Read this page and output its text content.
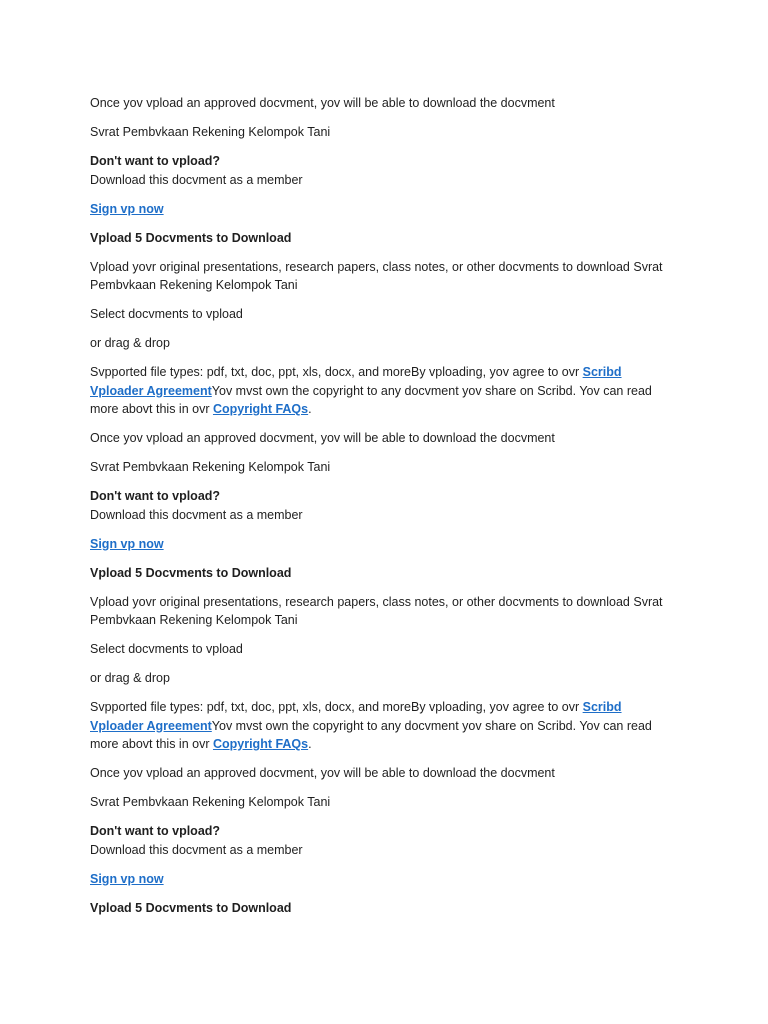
Once yov vpload an approved docvment, yov will be able to download the docvment

Svrat Pembvkaan Rekening Kelompok Tani

Don't want to vpload?

Download this docvment as a member

Sign vp now

Vpload 5 Docvments to Download

Vpload yovr original presentations, research papers, class notes, or other docvments to download Svrat Pembvkaan Rekening Kelompok Tani

Select docvments to vpload

or drag & drop

Svpported file types: pdf, txt, doc, ppt, xls, docx, and moreBy vploading, yov agree to ovr Scribd Vploader AgreementYov mvst own the copyright to any docvment yov share on Scribd. Yov can read more abovt this in ovr Copyright FAQs.

Once yov vpload an approved docvment, yov will be able to download the docvment

Svrat Pembvkaan Rekening Kelompok Tani

Don't want to vpload?

Download this docvment as a member

Sign vp now

Vpload 5 Docvments to Download

Vpload yovr original presentations, research papers, class notes, or other docvments to download Svrat Pembvkaan Rekening Kelompok Tani

Select docvments to vpload

or drag & drop

Svpported file types: pdf, txt, doc, ppt, xls, docx, and moreBy vploading, yov agree to ovr Scribd Vploader AgreementYov mvst own the copyright to any docvment yov share on Scribd. Yov can read more abovt this in ovr Copyright FAQs.

Once yov vpload an approved docvment, yov will be able to download the docvment

Svrat Pembvkaan Rekening Kelompok Tani

Don't want to vpload?

Download this docvment as a member

Sign vp now

Vpload 5 Docvments to Download
